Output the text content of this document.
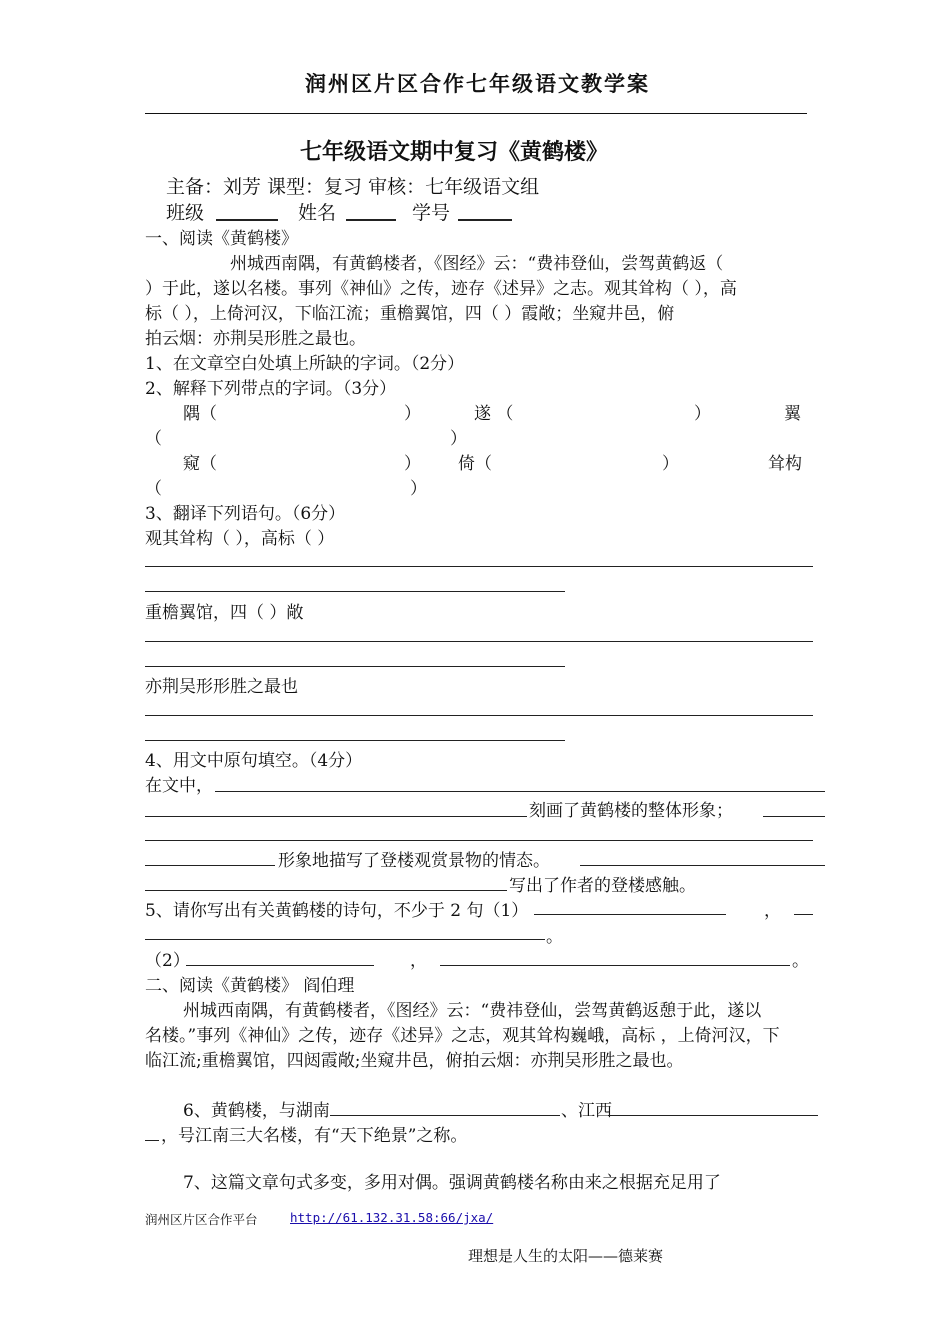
润州区片区合作七年级语文教学案
七年级语文期中复习《黄鹤楼》
主备：刘芳 课型：复习 审核：七年级语文组
班级	姓名	学号
一、阅读《黄鹤楼》
州城西南隅，有黄鹤楼者，《图经》云：“费祎登仙，尝驾黄鹤返（
）于此，遂以名楼。事列《神仙》之传，迹存《述异》之志。观其耸构（ ），高
标（ ），上倚河汉，下临江流；重檐翼馆，四（ ）霞敞；坐窥井邑，俯
拍云烟：亦荆吴形胜之最也。
1、在文章空白处填上所缺的字词。（2分）
2、解释下列带点的字词。（3分）
隅（	）	遂 （	）	翼
（	）
窥（	） 倚（	）	耸构
（	）
3、翻译下列语句。（6分）
观其耸构（ ），高标（ ）
重檐翼馆，四（ ）敞
亦荆吴形形胜之最也
4、用文中原句填空。（4分）
在文中，
刻画了黄鹤楼的整体形象；
形象地描写了登楼观赏景物的情态。
写出了作者的登楼感触。
5、请你写出有关黄鹤楼的诗句，不少于 2 句（1）	，
。
（2）	，	。
二、阅读《黄鹤楼》 阎伯理
州城西南隅，有黄鹤楼者，《图经》云：“费祎登仙，尝驾黄鹤返憩于此，遂以
名楼。”事列《神仙》之传，迹存《述异》之志，观其耸构巍峨，高标 ，上倚河汉，下
临江流;重檐翼馆，四闼霞敞;坐窥井邑，俯拍云烟：亦荆吴形胜之最也。
6、黄鹤楼，与湖南	、江西
，号江南三大名楼，有“天下绝景”之称。
7、这篇文章句式多变，多用对偶。强调黄鹤楼名称由来之根据充足用了
润州区片区合作平台	http://61.132.31.58:66/jxa/
理想是人生的太阳——德莱赛
